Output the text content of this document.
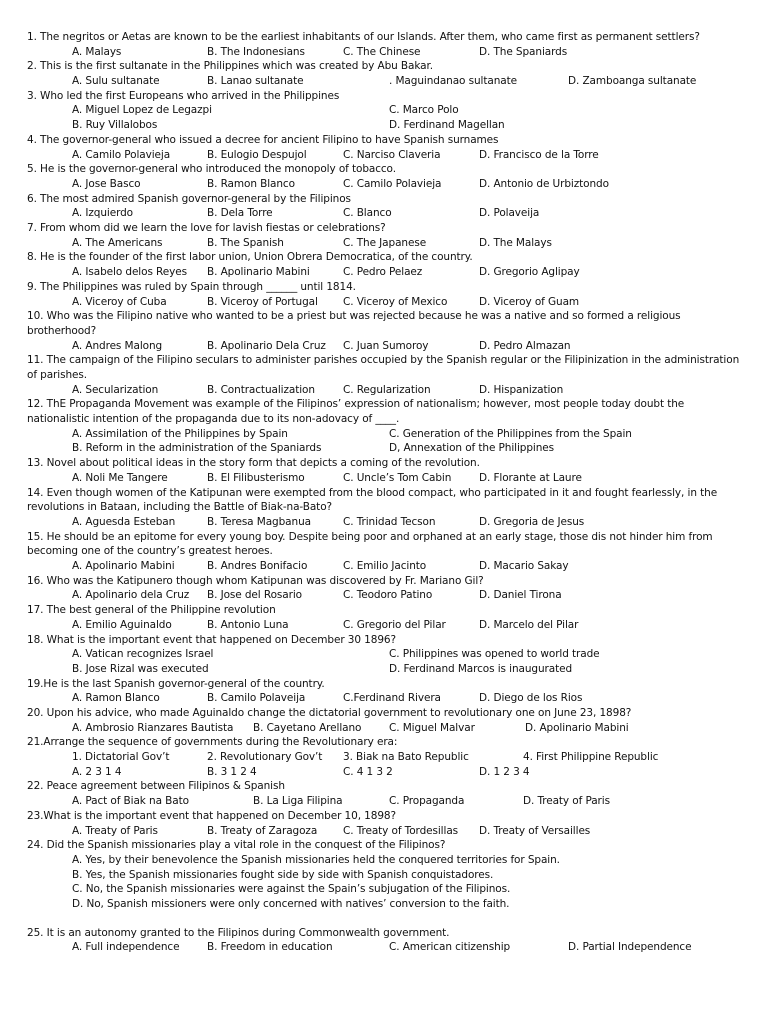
1. The negritos or Aetas are known to be the earliest inhabitants of our Islands. After them, who came first as permanent settlers?
A. Malays	B. The Indonesians	C. The Chinese	D. The Spaniards
2. This is the first sultanate in the Philippines which was created by Abu Bakar.
A. Sulu sultanate	B. Lanao sultanate	. Maguindanao sultanate	D. Zamboanga sultanate
3. Who led the first Europeans who arrived in the Philippines
A. Miguel Lopez de Legazpi	C. Marco Polo
B. Ruy Villalobos	D. Ferdinand Magellan
4. The governor-general who issued a decree for ancient Filipino to have Spanish surnames
A. Camilo Polavieja	B. Eulogio Despujol	C. Narciso Claveria	D. Francisco de la Torre
5. He is the governor-general who introduced the monopoly of tobacco.
A. Jose Basco	B. Ramon Blanco	C. Camilo Polavieja	D. Antonio de Urbiztondo
6. The most admired Spanish governor-general by the Filipinos
A. Izquierdo	B. Dela Torre	C. Blanco	D. Polaveija
7. From whom did we learn the love for lavish fiestas or celebrations?
A. The Americans	B. The Spanish	C. The Japanese	D. The Malays
8. He is the founder of the first labor union, Union Obrera Democratica, of the country.
A. Isabelo delos Reyes B. Apolinario Mabini	C. Pedro Pelaez	D. Gregorio Aglipay
9. The Philippines was ruled by Spain through ______ until 1814.
A. Viceroy of Cuba	B. Viceroy of Portugal C. Viceroy of Mexico	D. Viceroy of Guam
10. Who was the Filipino native who wanted to be a priest but was rejected because he was a native and so formed a religious brotherhood?
A. Andres Malong	B. Apolinario Dela Cruz C. Juan Sumoroy	D. Pedro Almazan
11. The campaign of the Filipino seculars to administer parishes occupied by the Spanish regular or the Filipinization in the administration of parishes.
A. Secularization	B. Contractualization	C. Regularization	D. Hispanization
12. ThE Propaganda Movement was example of the Filipinos’ expression of nationalism; however, most people today doubt the nationalistic intention of the propaganda due to its non-adovacy of ____.
A. Assimilation of the Philippines by Spain	C. Generation of the Philippines from the Spain
B. Reform in the administration of the Spaniards	D, Annexation of the Philippines
13. Novel about political ideas in the story form that depicts a coming of the revolution.
A. Noli Me Tangere	B. El Filibusterismo	C. Uncle’s Tom Cabin	D. Florante at Laure
14. Even though women of the Katipunan were exempted from the blood compact, who participated in it and fought fearlessly, in the revolutions in Bataan, including the Battle of Biak-na-Bato?
A. Aguesda Esteban	B. Teresa Magbanua	C. Trinidad Tecson	D. Gregoria de Jesus
15. He should be an epitome for every young boy. Despite being poor and orphaned at an early stage, those dis not hinder him from becoming one of the country’s greatest heroes.
A. Apolinario Mabini	B. Andres Bonifacio	C. Emilio Jacinto	D. Macario Sakay
16. Who was the Katipunero though whom Katipunan was discovered by Fr. Mariano Gil?
A. Apolinario dela Cruz B. Jose del Rosario	C. Teodoro Patino	D. Daniel Tirona
17. The best general of the Philippine revolution
A. Emilio Aguinaldo	B. Antonio Luna	C. Gregorio del Pilar	D. Marcelo del Pilar
18. What is the important event that happened on December 30 1896?
A. Vatican recognizes Israel	C. Philippines was opened to world trade
B. Jose Rizal was executed	D. Ferdinand Marcos is inaugurated
19.He is the last Spanish governor-general of the country.
A. Ramon Blanco	B. Camilo Polaveija	C.Ferdinand Rivera	D. Diego de los Rios
20. Upon his advice, who made Aguinaldo change the dictatorial government to revolutionary one on June 23, 1898?
A. Ambrosio Rianzares Bautista B. Cayetano Arellano	C. Miguel Malvar	D. Apolinario Mabini
21.Arrange the sequence of governments during the Revolutionary era:
1. Dictatorial Gov’t	2. Revolutionary Gov’t 3. Biak na Bato Republic	4. First Philippine Republic
A. 2 3 1 4	B. 3 1 2 4	C. 4 1 3 2	D. 1 2 3 4
22. Peace agreement between Filipinos & Spanish
A. Pact of Biak na Bato	B. La Liga Filipina	C. Propaganda	D. Treaty of Paris
23.What is the important event that happened on December 10, 1898?
A. Treaty of Paris	B. Treaty of Zaragoza C. Treaty of Tordesillas D. Treaty of Versailles
24. Did the Spanish missionaries play a vital role in the conquest of the Filipinos?
A. Yes, by their benevolence the Spanish missionaries held the conquered territories for Spain.
B. Yes, the Spanish missionaries fought side by side with Spanish conquistadores.
C. No, the Spanish missionaries were against the Spain’s subjugation of the Filipinos.
D. No, Spanish missioners were only concerned with natives’ conversion to the faith.
25. It is an autonomy granted to the Filipinos during Commonwealth government.
A. Full independence	B. Freedom in education	C. American citizenship	D. Partial Independence
